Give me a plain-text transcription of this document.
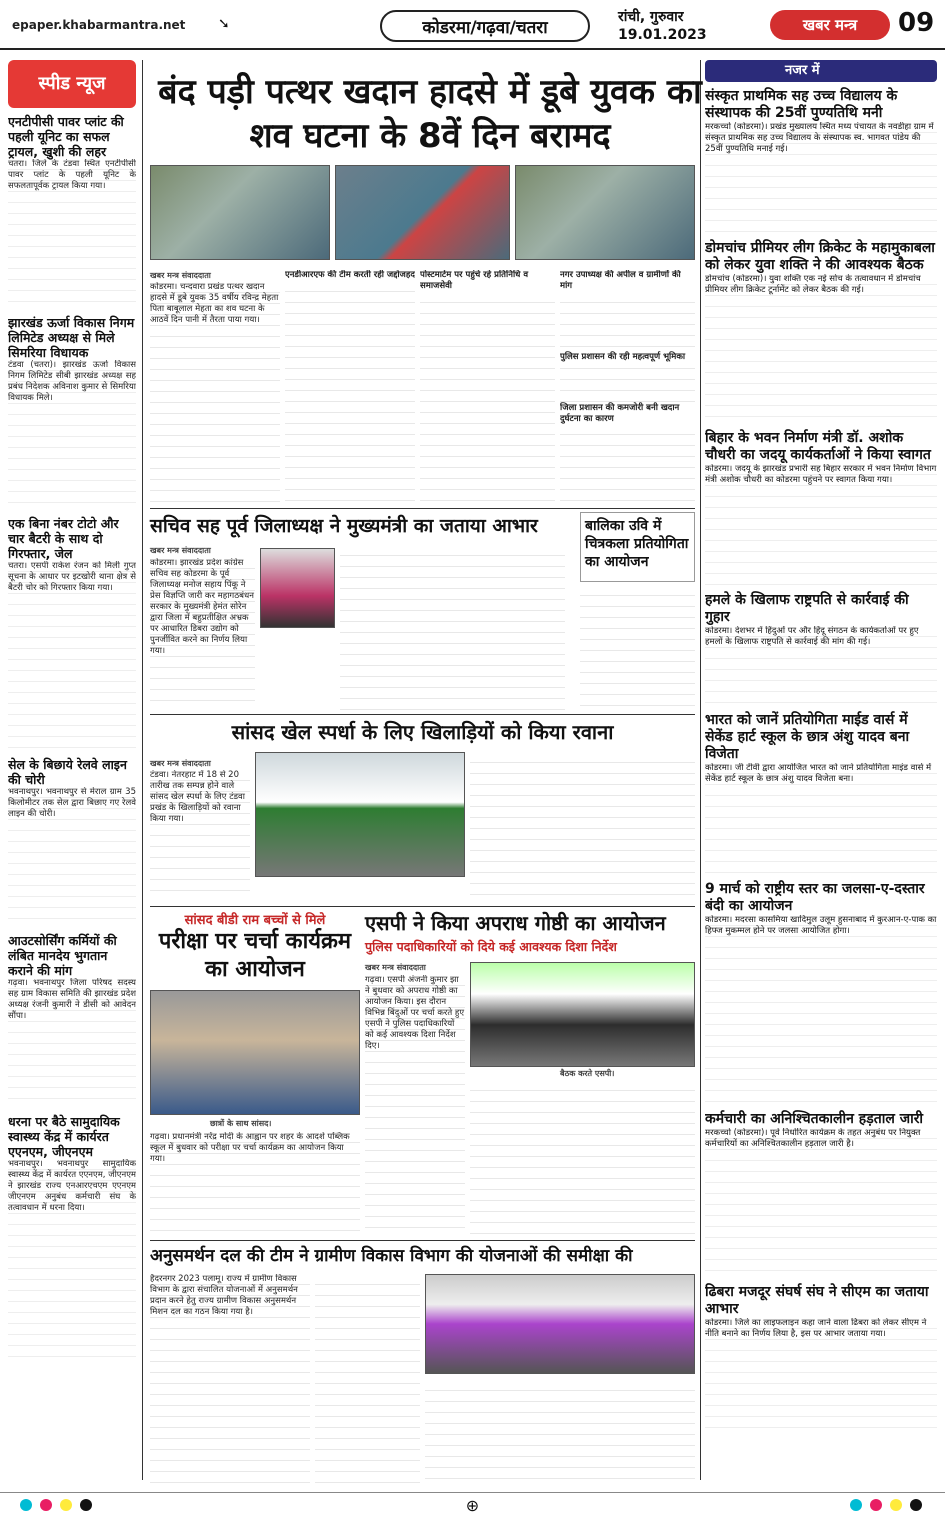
epaper.khabarmantra.net ➘	कोडरमा/गढ़वा/चतरा
रांची, गुरुवार
19.01.2023
खबर मन्त्र	09
स्पीड न्यूज
एनटीपीसी पावर प्लांट की पहली यूनिट का सफल ट्रायल, खुशी की लहर
चतरा। जिले के टंडवा स्थित एनटीपीसी पावर प्लांट के पहली यूनिट के सफलतापूर्वक ट्रायल किया गया।
झारखंड ऊर्जा विकास निगम लिमिटेड अध्यक्ष से मिले सिमरिया विधायक
टंडवा (चतरा)। झारखंड ऊर्जा विकास निगम लिमिटेड सीबी झारखंड अध्यक्ष सह प्रबंध निदेशक अविनाश कुमार से सिमरिया विधायक मिले।
एक बिना नंबर टोटो और चार बैटरी के साथ दो गिरफ्तार, जेल
चतरा। एसपी राकेश रंजन को मिली गुप्त सूचना के आधार पर इटखोरी थाना क्षेत्र से बैटरी चोर को गिरफ्तार किया गया।
सेल के बिछाये रेलवे लाइन की चोरी
भवनाथपुर। भवनाथपुर से मेराल ग्राम 35 किलोमीटर तक सेल द्वारा बिछाए गए रेलवे लाइन की चोरी।
आउटसोर्सिंग कर्मियों की लंबित मानदेय भुगतान कराने की मांग
गढ़वा। भवनाथपुर जिला परिषद सदस्य सह ग्राम विकास समिति की झारखंड प्रदेश अध्यक्ष रंजनी कुमारी ने डीसी को आवेदन सौंपा।
धरना पर बैठे सामुदायिक स्वास्थ्य केंद्र में कार्यरत एएनएम, जीएनएम
भवनाथपुर। भवनाथपुर सामुदायिक स्वास्थ्य केंद्र में कार्यरत एएनएम, जीएनएम ने झारखंड राज्य एनआरएचएम एएनएम जीएनएम अनुबंध कर्मचारी संघ के तत्वावधान में धरना दिया।
बंद पड़ी पत्थर खदान हादसे में डूबे युवक का शव घटना के 8वें दिन बरामद
खबर मन्त्र संवाददाता
कोडरमा। चन्दवारा प्रखंड पत्थर खदान हादसे में डूबे युवक 35 वर्षीय रविन्द्र मेहता पिता बाबूलाल मेहता का शव घटना के आठवें दिन पानी में तैरता पाया गया।
एनडीआरएफ की टीम करती रही जद्दोजहद पोस्टमार्टम पर पहुंचे रहे प्रतिनिधि व समाजसेवी
नगर उपाध्यक्ष की अपील व ग्रामीणों की मांग
पुलिस प्रशासन की रही महत्वपूर्ण भूमिका
जिला प्रशासन की कमजोरी बनी खदान दुर्घटना का कारण
सचिव सह पूर्व जिलाध्यक्ष ने मुख्यमंत्री का जताया आभार
खबर मन्त्र संवाददाता
कोडरमा। झारखंड प्रदेश कांग्रेस सचिव सह कोडरमा के पूर्व जिलाध्यक्ष मनोज सहाय पिंकू ने प्रेस विज्ञप्ति जारी कर महागठबंधन सरकार के मुख्यमंत्री हेमंत सोरेन द्वारा जिला में बहुप्रतीक्षित अभ्रक पर आधारित डिबरा उद्योग को पुनर्जीवित करने का निर्णय लिया गया।
बालिका उवि में चित्रकला प्रतियोगिता का आयोजन
सांसद खेल स्पर्धा के लिए खिलाड़ियों को किया रवाना
खबर मन्त्र संवाददाता
टंडवा। नेतरहाट में 18 से 20 तारीख तक सम्पन्न होने वाले सांसद खेल स्पर्धा के लिए टंडवा प्रखंड के खिलाड़ियों को रवाना किया गया।
सांसद बीडी राम बच्चों से मिले
परीक्षा पर चर्चा कार्यक्रम का आयोजन
छात्रों के साथ सांसद।
गढ़वा। प्रधानमंत्री नरेंद्र मोदी के आह्वान पर शहर के आदर्श पब्लिक स्कूल में बुधवार को परीक्षा पर चर्चा कार्यक्रम का आयोजन किया गया।
एसपी ने किया अपराध गोष्ठी का आयोजन
पुलिस पदाधिकारियों को दिये कई आवश्यक दिशा निर्देश
खबर मन्त्र संवाददाता
गढ़वा। एसपी अंजनी कुमार झा ने बुधवार को अपराध गोष्ठी का आयोजन किया। इस दौरान विभिन्न बिंदुओं पर चर्चा करते हुए एसपी ने पुलिस पदाधिकारियों को कई आवश्यक दिशा निर्देश दिए।
बैठक करते एसपी।
अनुसमर्थन दल की टीम ने ग्रामीण विकास विभाग की योजनाओं की समीक्षा की
हैदरनगर 2023 पलामू। राज्य में ग्रामीण विकास विभाग के द्वारा संचालित योजनाओं में अनुसमर्थन प्रदान करने हेतु राज्य ग्रामीण विकास अनुसमर्थन मिशन दल का गठन किया गया है।
नजर में
संस्कृत प्राथमिक सह उच्च विद्यालय के संस्थापक की 25वीं पुण्यतिथि मनी
मरकच्चो (कोडरमा)। प्रखंड मुख्यालय स्थित मध्य पंचायत के नवडीहा ग्राम में संस्कृत प्राथमिक सह उच्च विद्यालय के संस्थापक स्व. भागवत पांडेय की 25वीं पुण्यतिथि मनाई गई।
डोमचांच प्रीमियर लीग क्रिकेट के महामुकाबला को लेकर युवा शक्ति ने की आवश्यक बैठक
डोमचांच (कोडरमा)। युवा शक्ति एक नई सोच के तत्वावधान में डोमचांच प्रीमियर लीग क्रिकेट टूर्नामेंट को लेकर बैठक की गई।
बिहार के भवन निर्माण मंत्री डॉ. अशोक चौधरी का जदयू कार्यकर्ताओं ने किया स्वागत
कोडरमा। जदयू के झारखंड प्रभारी सह बिहार सरकार में भवन निर्माण विभाग मंत्री अशोक चौधरी का कोडरमा पहुंचने पर स्वागत किया गया।
हमले के खिलाफ राष्ट्रपति से कार्रवाई की गुहार
कोडरमा। देशभर में हिंदुओं पर और हिंदू संगठन के कार्यकर्ताओं पर हुए हमलों के खिलाफ राष्ट्रपति से कार्रवाई की मांग की गई।
भारत को जानें प्रतियोगिता माईड वार्स में सेकेंड हार्ट स्कूल के छात्र अंशु यादव बना विजेता
कोडरमा। जी टीवी द्वारा आयोजित भारत को जाने प्रतियोगिता माइंड वार्स में सेकेंड हार्ट स्कूल के छात्र अंशु यादव विजेता बना।
9 मार्च को राष्ट्रीय स्तर का जलसा-ए-दस्तार बंदी का आयोजन
कोडरमा। मदरसा कासमिया खादिमुल उलूम हुसनाबाद में कुरआन-ए-पाक का हिफ्ज मुकम्मल होने पर जलसा आयोजित होगा।
कर्मचारी का अनिश्चितकालीन हड़ताल जारी
मरकच्चो (कोडरमा)। पूर्व निर्धारित कार्यक्रम के तहत अनुबंध पर नियुक्त कर्मचारियों का अनिश्चितकालीन हड़ताल जारी है।
ढिबरा मजदूर संघर्ष संघ ने सीएम का जताया आभार
कोडरमा। जिले का लाइफलाइन कहा जाने वाला ढिबरा को लेकर सीएम ने नीति बनाने का निर्णय लिया है, इस पर आभार जताया गया।

⊕
